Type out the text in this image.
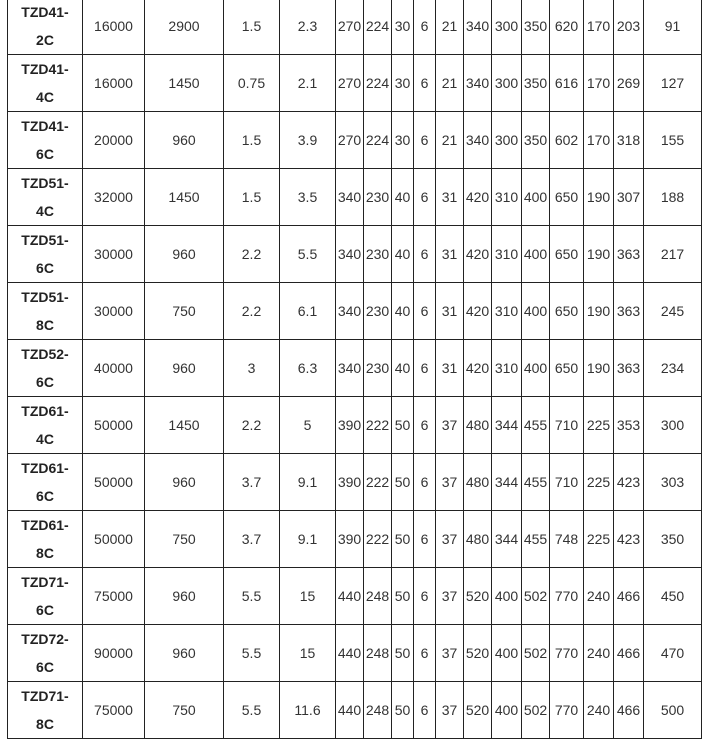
TZD41-
2C	16000	2900	1.5	2.3	270	224	30	6	21	340	300	350	620	170	203	91

TZD41-
4C	16000	1450	0.75	2.1	270	224	30	6	21	340	300	350	616	170	269	127

TZD41-
6C	20000	960	1.5	3.9	270	224	30	6	21	340	300	350	602	170	318	155

TZD51-
4C	32000	1450	1.5	3.5	340	230	40	6	31	420	310	400	650	190	307	188

TZD51-
6C	30000	960	2.2	5.5	340	230	40	6	31	420	310	400	650	190	363	217

TZD51-
8C	30000	750	2.2	6.1	340	230	40	6	31	420	310	400	650	190	363	245

TZD52-
6C	40000	960	3	6.3	340	230	40	6	31	420	310	400	650	190	363	234

TZD61-
4C	50000	1450	2.2	5	390	222	50	6	37	480	344	455	710	225	353	300

TZD61-
6C	50000	960	3.7	9.1	390	222	50	6	37	480	344	455	710	225	423	303

TZD61-
8C	50000	750	3.7	9.1	390	222	50	6	37	480	344	455	748	225	423	350

TZD71-
6C	75000	960	5.5	15	440	248	50	6	37	520	400	502	770	240	466	450

TZD72-
6C	90000	960	5.5	15	440	248	50	6	37	520	400	502	770	240	466	470

TZD71-
8C	75000	750	5.5	11.6	440	248	50	6	37	520	400	502	770	240	466	500
